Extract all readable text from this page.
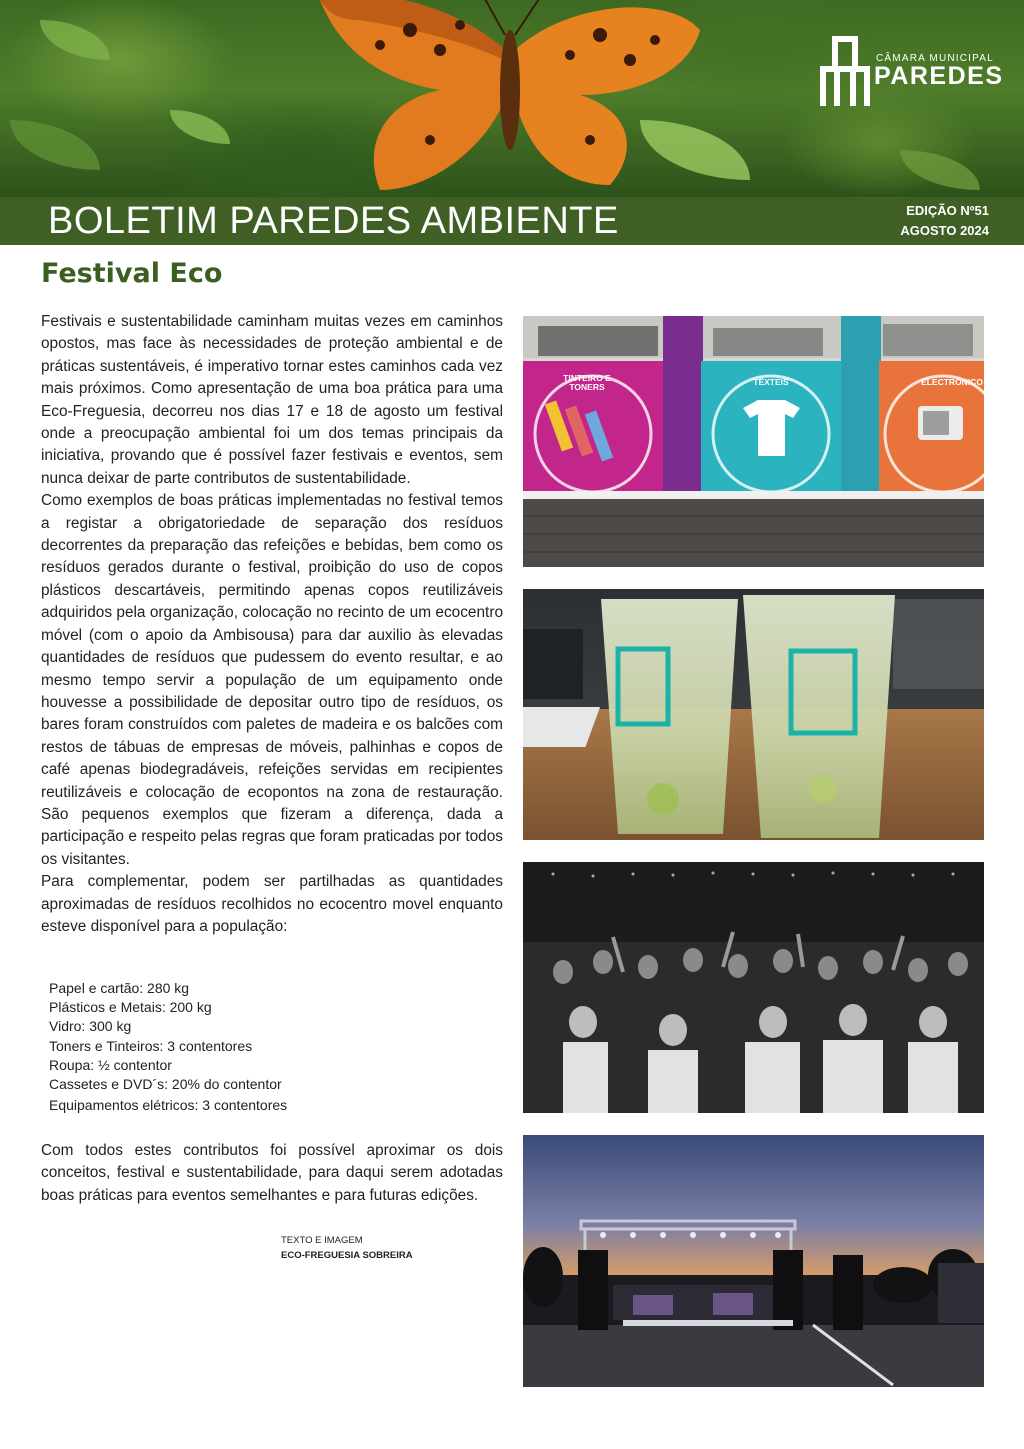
CÂMARA MUNICIPAL
PAREDES
BOLETIM PAREDES AMBIENTE	EDIÇÃO Nº51
AGOSTO 2024
Festival Eco

Festivais e sustentabilidade caminham muitas vezes em caminhos opostos, mas face às necessidades de proteção ambiental e de práticas sustentáveis, é imperativo tornar estes caminhos cada vez mais próximos. Como apresentação de uma boa prática para uma Eco-Freguesia, decorreu nos dias 17 e 18 de agosto um festival onde a preocupação ambiental foi um dos temas principais da iniciativa, provando que é possível fazer festivais e eventos, sem nunca deixar de parte contributos de sustentabilidade.

Como exemplos de boas práticas implementadas no festival temos a registar a obrigatoriedade de separação dos resíduos decorrentes da preparação das refeições e bebidas, bem como os resíduos gerados durante o festival, proibição do uso de copos plásticos descartáveis, permitindo apenas copos reutilizáveis adquiridos pela organização, colocação no recinto de um ecocentro móvel (com o apoio da Ambisousa) para dar auxilio às elevadas quantidades de resíduos que pudessem do evento resultar, e ao mesmo tempo servir a população de um equipamento onde houvesse a possibilidade de depositar outro tipo de resíduos, os bares foram construídos com paletes de madeira e os balcões com restos de tábuas de empresas de móveis, palhinhas e copos de café apenas biodegradáveis, refeições servidas em recipientes reutilizáveis e colocação de ecopontos na zona de restauração. São pequenos exemplos que fizeram a diferença, dada a participação e respeito pelas regras que foram praticadas por todos os visitantes.

Para complementar, podem ser partilhadas as quantidades aproximadas de resíduos recolhidos no ecocentro movel enquanto esteve disponível para a população:

Papel e cartão: 280 kg
Plásticos e Metais: 200 kg
Vidro: 300 kg
Toners e Tinteiros: 3 contentores
Roupa: ½ contentor
Cassetes e DVD´s: 20% do contentor
Equipamentos elétricos: 3 contentores

Com todos estes contributos foi possível aproximar os dois conceitos, festival e sustentabilidade, para daqui serem adotadas boas práticas para eventos semelhantes e para futuras edições.

TEXTO E IMAGEM
ECO-FREGUESIA SOBREIRA
TINTEIRO E TONERS	TÊXTEIS	ELECTRÓNICO
